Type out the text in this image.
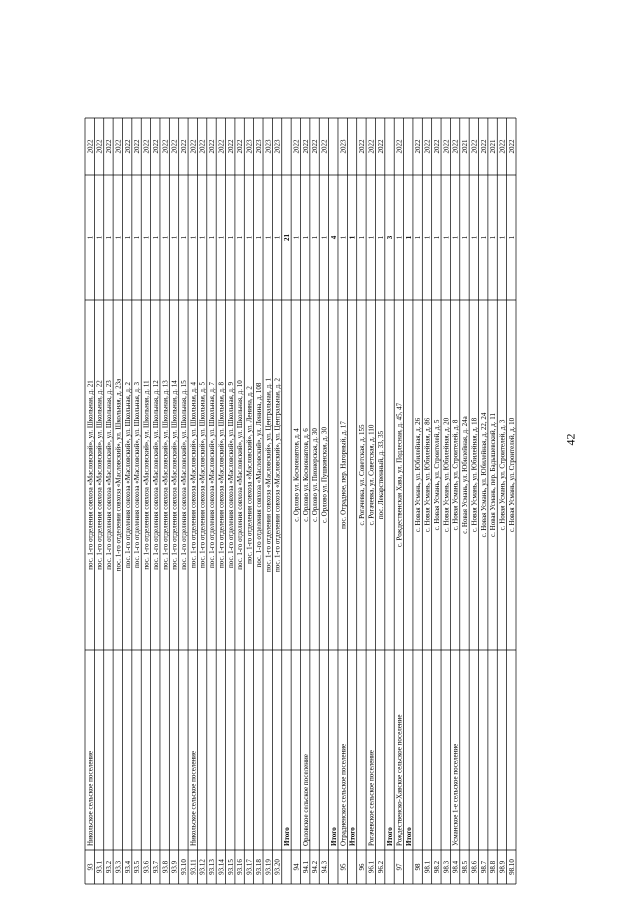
42
93
Никольское сельское поселение
пос. 1-го отделения совхоза «Масловский», ул. Школьная, д. 21
1
2022
93.1
пос. 1-го отделения совхоза «Масловский», ул. Школьная, д. 22
1
2022
93.2
пос. 1-го отделения совхоза «Масловский», ул. Школьная, д. 23
1
2022
93.3
пос. 1-го отделения совхоза «Масловский», ул. Школьная, д. 23а
1
2022
93.4
пос. 1-го отделения совхоза «Масловский», ул. Школьная, д. 2
1
2022
93.5
пос. 1-го отделения совхоза «Масловский», ул. Школьная, д. 3
1
2022
93.6
пос. 1-го отделения совхоза «Масловский», ул. Школьная, д. 11
1
2022
93.7
пос. 1-го отделения совхоза «Масловский», ул. Школьная, д. 12
1
2022
93.8
пос. 1-го отделения совхоза «Масловский», ул. Школьная, д. 13
1
2022
93.9
пос. 1-го отделения совхоза «Масловский», ул. Школьная, д. 14
1
2022
93.10
пос. 1-го отделения совхоза «Масловский», ул. Школьная, д. 15
1
2022
93.11
Никольское сельское поселение
пос. 1-го отделения совхоза «Масловский», ул. Школьная, д. 4
1
2022
93.12
пос. 1-го отделения совхоза «Масловский», ул. Школьная, д. 5
1
2022
93.13
пос. 1-го отделения совхоза «Масловский», ул. Школьная, д. 7
1
2022
93.14
пос. 1-го отделения совхоза «Масловский», ул. Школьная, д. 8
1
2022
93.15
пос. 1-го отделения совхоза «Масловский», ул. Школьная, д. 9
1
2022
93.16
пос. 1-го отделения совхоза «Масловский», ул. Школьная, д. 10
1
2022
93.17
пос. 1-го отделения совхоза «Масловский», ул. Ленина, д. 2
1
2023
93.18
пос. 1-го отделения совхоза «Масловский», ул. Ленина, д. 108
1
2023
93.19
пос. 1-го отделения совхоза «Масловский», ул. Центральная, д. 1
1
2023
93.20
пос. 1-го отделения совхоза «Масловский», ул. Центральная, д. 2
1
2023
Итого
21
94
с. Орлово ул. Космонавтов, д. 4
1
2022
94.1
Орловское сельское поселение
с. Орлово ул. Космонавтов, д. 6
1
2022
94.2
с. Орлово ул. Пионерская, д. 30
1
2022
94.3
с. Орлово ул. Пушкинская, д. 30
1
2022
Итого
4
95
Отрадненское сельское поселение
пос. Отрадное, пер. Нагорный, д. 17
1
2023
Итого
1
96
с. Рогачевка, ул. Советская, д. 155
1
2022
96.1
Рогачевское сельское поселение
с. Рогачевка, ул. Советская, д. 110
1
2022
96.2
пос. Лекарственный, д. 33, 35
1
2022
Итого
3
97
Рождественско-Хавское сельское поселение
с. Рождественская Хава, ул. Подлесная, д. 45, 47
1
2022
Итого
1
98
с. Новая Усмань, ул. Юбилейная, д. 26
1
2022
98.1
с. Новая Усмань, ул. Юбилейная, д. 86
1
2022
98.2
с. Новая Усмань, ул. Строителей, д. 5
1
2022
98.3
с. Новая Усмань, ул. Юбилейная, д. 20
1
2022
98.4
Усманское 1-е сельское поселение
с. Новая Усмань, ул. Строителей, д. 8
1
2022
98.5
с. Новая Усмань, ул. Юбилейная, д. 24а
1
2021
98.6
с. Новая Усмань, ул. Юбилейная, д. 18
1
2022
98.7
с. Новая Усмань, ул. Юбилейная, д. 22, 24
1
2022
98.8
с. Новая Усмань, пер. Бадышевский, д. 11
1
2021
98.9
с. Новая Усмань, ул. Строителей, д. 3
1
2022
98.10
с. Новая Усмань, ул. Строителей, д. 10
1
2022
